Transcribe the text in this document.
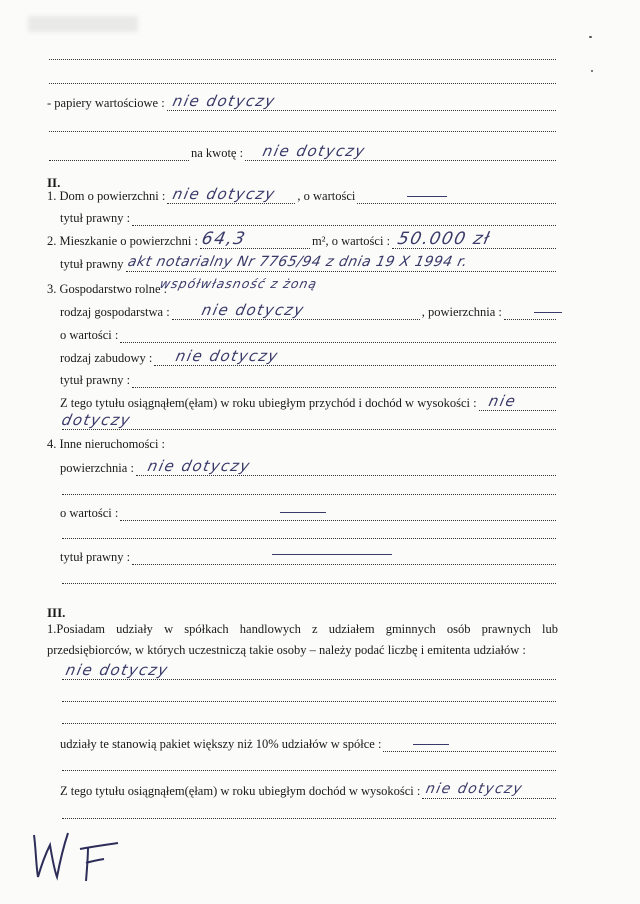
- papiery wartościowe : nie dotyczy
na kwotę : nie dotyczy
II.
1. Dom o powierzchni : nie dotyczy , o wartości
tytuł prawny :
2. Mieszkanie o powierzchni : 64,3	m², o wartości : 50.000 zł
tytuł prawny akt notarialny Nr 7765/94 z dnia 19 X 1994 r.
3. Gospodarstwo rolne :
współwłasność z żoną
rodzaj gospodarstwa : nie dotyczy	, powierzchnia :
o wartości :
rodzaj zabudowy : nie dotyczy
tytuł prawny :
Z tego tytułu osiągnąłem(ęłam) w roku ubiegłym przychód i dochód w wysokości : nie
dotyczy
4. Inne nieruchomości :
powierzchnia : nie dotyczy
o wartości :
tytuł prawny :
III.
1.Posiadam udziały w spółkach handlowych z udziałem gminnych osób prawnych lub przedsiębiorców, w których uczestniczą takie osoby – należy podać liczbę i emitenta udziałów :
nie dotyczy
udziały te stanowią pakiet większy niż 10% udziałów w spółce :
Z tego tytułu osiągnąłem(ęłam) w roku ubiegłym dochód w wysokości : nie dotyczy
